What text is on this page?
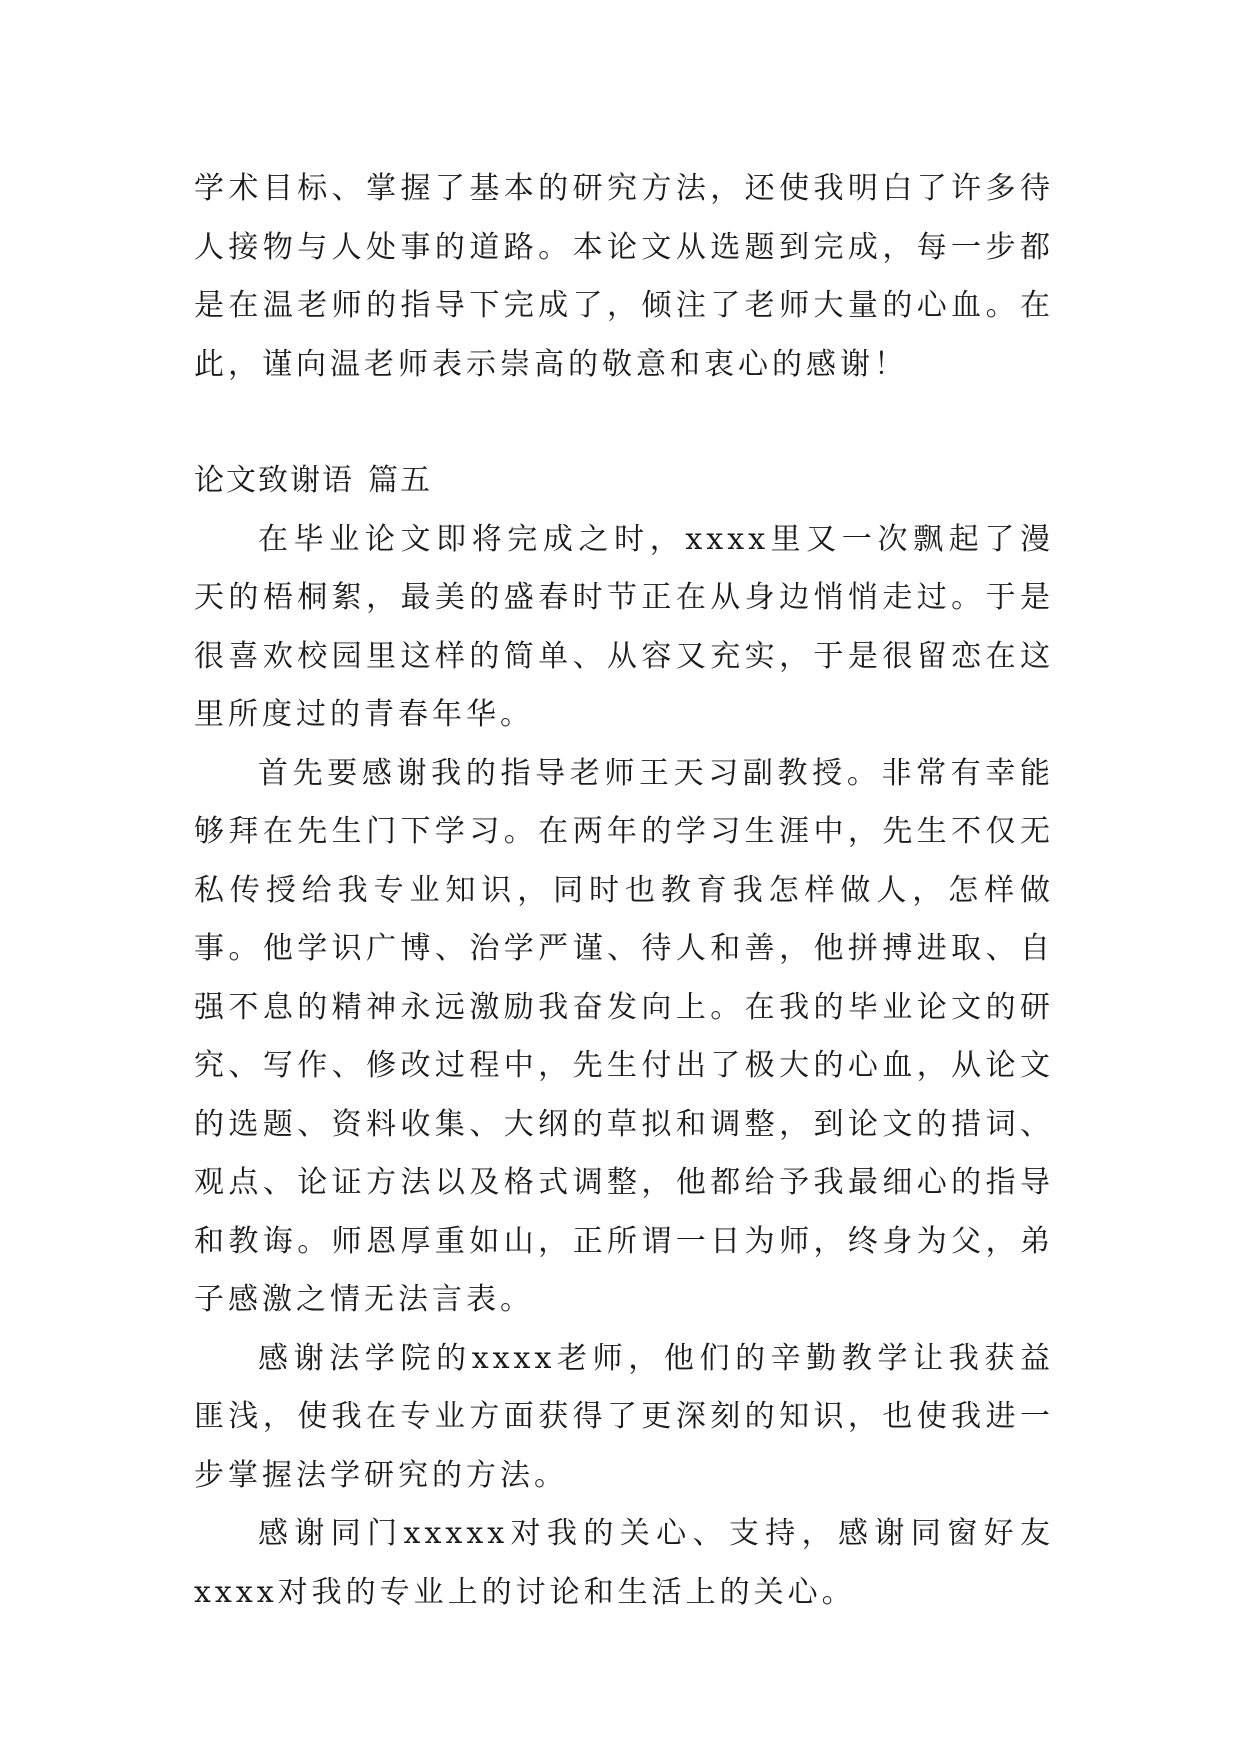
学术目标、掌握了基本的研究方法，还使我明白了许多待人接物与人处事的道路。本论文从选题到完成，每一步都是在温老师的指导下完成了，倾注了老师大量的心血。在此，谨向温老师表示崇高的敬意和衷心的感谢！

论文致谢语 篇五

在毕业论文即将完成之时，xxxx里又一次飘起了漫天的梧桐絮，最美的盛春时节正在从身边悄悄走过。于是很喜欢校园里这样的简单、从容又充实，于是很留恋在这里所度过的青春年华。

首先要感谢我的指导老师王天习副教授。非常有幸能够拜在先生门下学习。在两年的学习生涯中，先生不仅无私传授给我专业知识，同时也教育我怎样做人，怎样做事。他学识广博、治学严谨、待人和善，他拼搏进取、自强不息的精神永远激励我奋发向上。在我的毕业论文的研究、写作、修改过程中，先生付出了极大的心血，从论文的选题、资料收集、大纲的草拟和调整，到论文的措词、观点、论证方法以及格式调整，他都给予我最细心的指导和教诲。师恩厚重如山，正所谓一日为师，终身为父，弟子感激之情无法言表。

感谢法学院的xxxx老师，他们的辛勤教学让我获益匪浅，使我在专业方面获得了更深刻的知识，也使我进一步掌握法学研究的方法。

感谢同门xxxxx对我的关心、支持，感谢同窗好友xxxx对我的专业上的讨论和生活上的关心。
